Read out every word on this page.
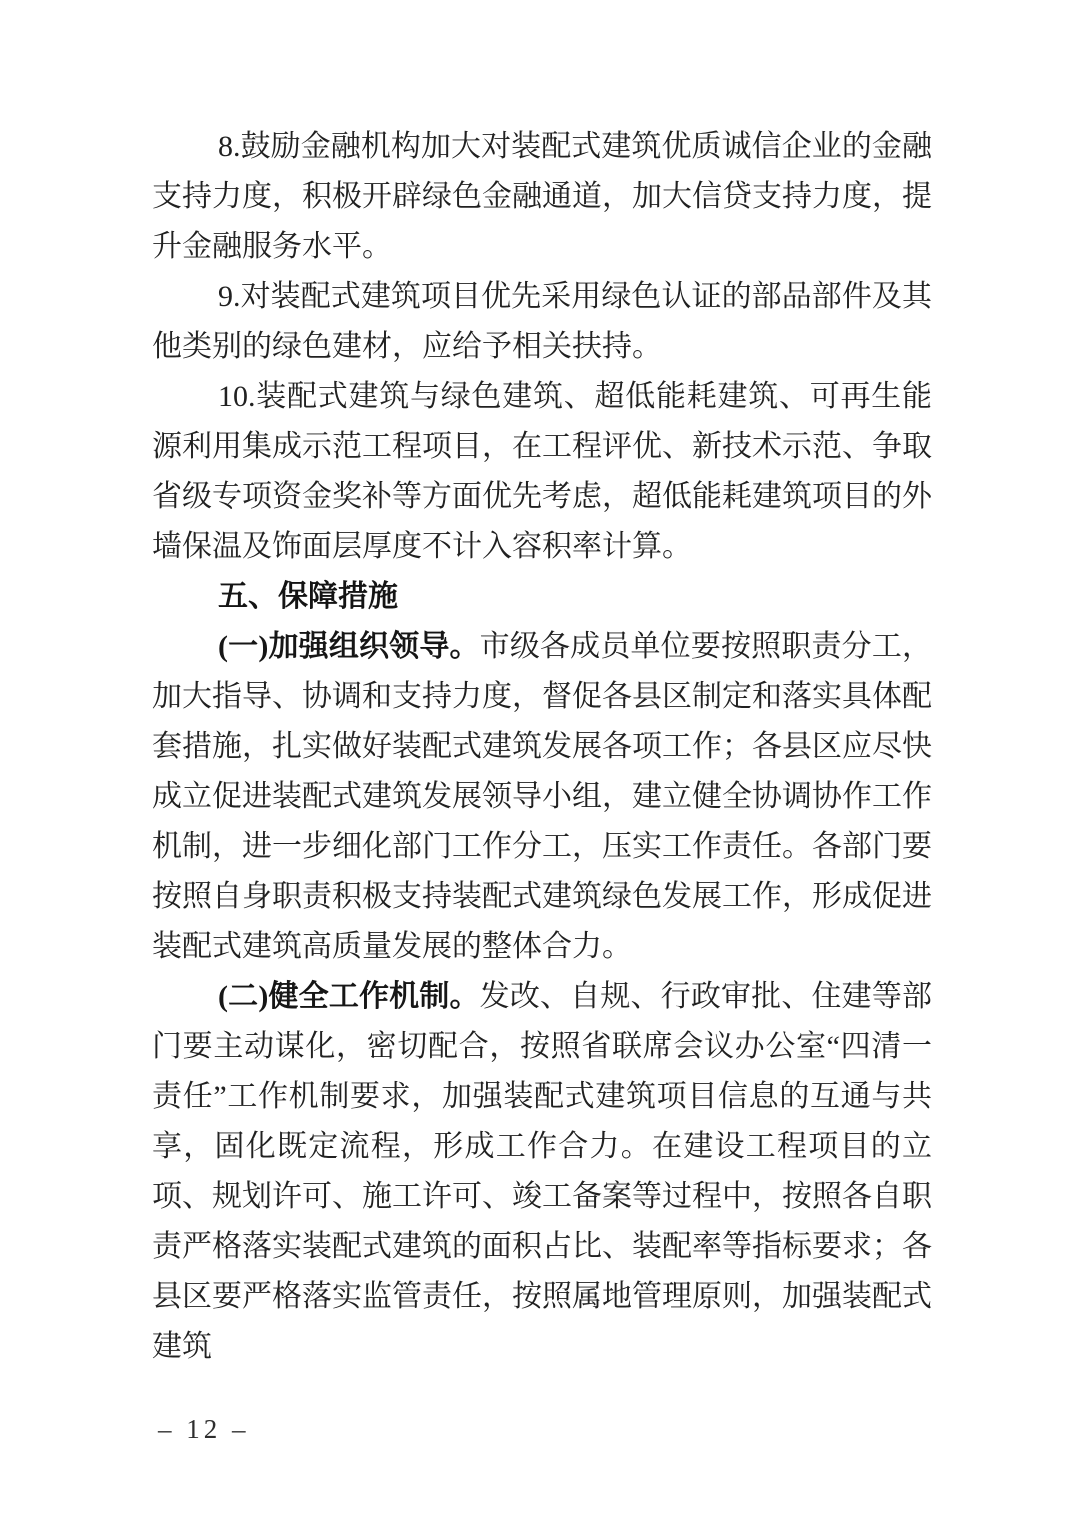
8.鼓励金融机构加大对装配式建筑优质诚信企业的金融支持力度，积极开辟绿色金融通道，加大信贷支持力度，提升金融服务水平。

9.对装配式建筑项目优先采用绿色认证的部品部件及其他类别的绿色建材，应给予相关扶持。

10.装配式建筑与绿色建筑、超低能耗建筑、可再生能源利用集成示范工程项目，在工程评优、新技术示范、争取省级专项资金奖补等方面优先考虑，超低能耗建筑项目的外墙保温及饰面层厚度不计入容积率计算。

五、保障措施

(一)加强组织领导。市级各成员单位要按照职责分工，加大指导、协调和支持力度，督促各县区制定和落实具体配套措施，扎实做好装配式建筑发展各项工作；各县区应尽快成立促进装配式建筑发展领导小组，建立健全协调协作工作机制，进一步细化部门工作分工，压实工作责任。各部门要按照自身职责积极支持装配式建筑绿色发展工作，形成促进装配式建筑高质量发展的整体合力。

(二)健全工作机制。发改、自规、行政审批、住建等部门要主动谋化，密切配合，按照省联席会议办公室“四清一责任”工作机制要求，加强装配式建筑项目信息的互通与共享，固化既定流程，形成工作合力。在建设工程项目的立项、规划许可、施工许可、竣工备案等过程中，按照各自职责严格落实装配式建筑的面积占比、装配率等指标要求；各县区要严格落实监管责任，按照属地管理原则，加强装配式建筑

– 12 –
